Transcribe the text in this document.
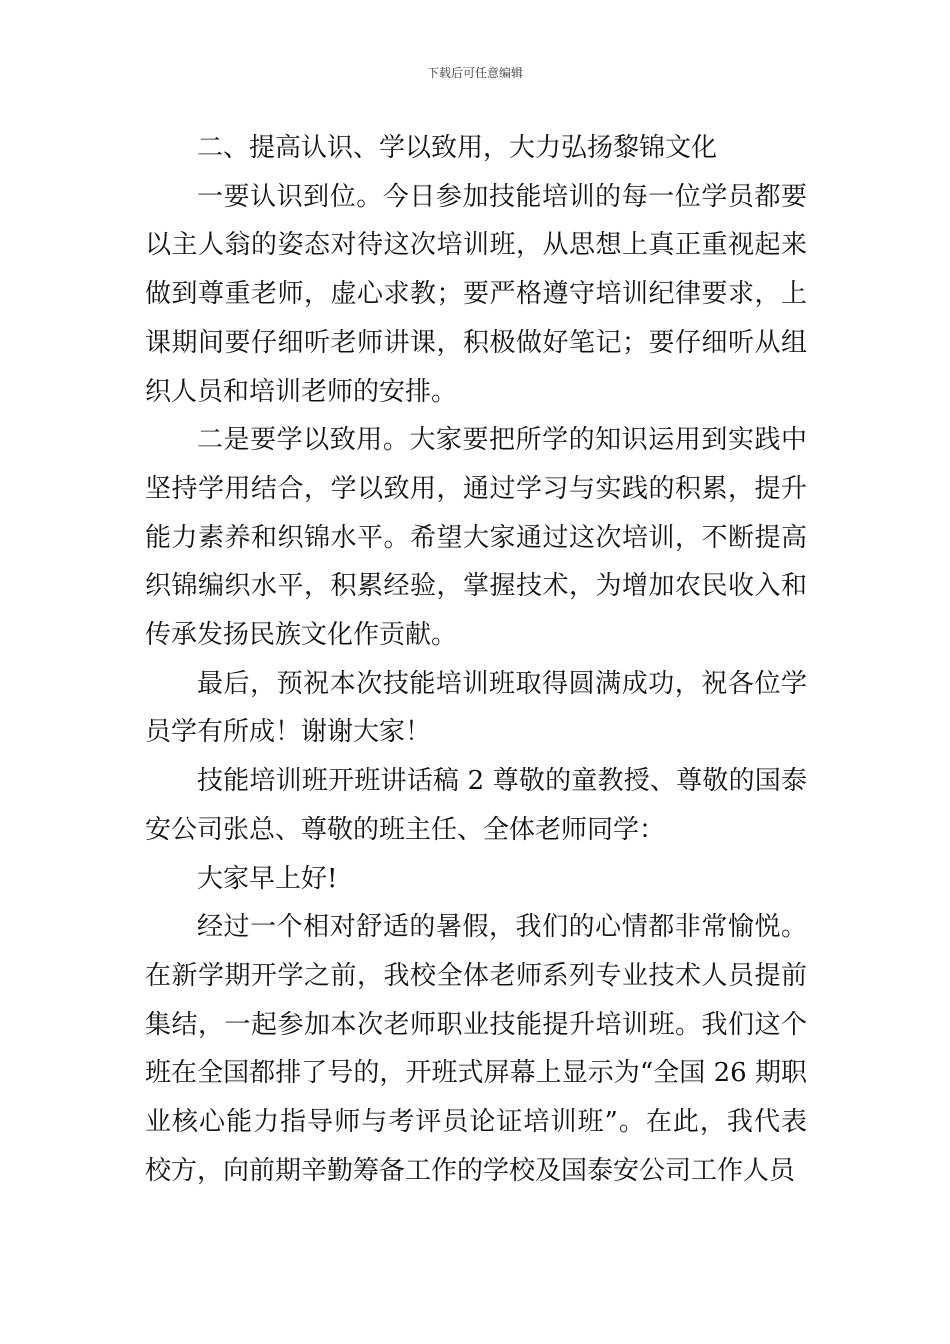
下载后可任意编辑

二、提高认识、学以致用，大力弘扬黎锦文化

一要认识到位。今日参加技能培训的每一位学员都要以主人翁的姿态对待这次培训班，从思想上真正重视起来做到尊重老师，虚心求教；要严格遵守培训纪律要求，上课期间要仔细听老师讲课，积极做好笔记；要仔细听从组织人员和培训老师的安排。

二是要学以致用。大家要把所学的知识运用到实践中坚持学用结合，学以致用，通过学习与实践的积累，提升能力素养和织锦水平。希望大家通过这次培训，不断提高织锦编织水平，积累经验，掌握技术，为增加农民收入和传承发扬民族文化作贡献。

最后，预祝本次技能培训班取得圆满成功，祝各位学员学有所成！谢谢大家！

技能培训班开班讲话稿 2 尊敬的童教授、尊敬的国泰安公司张总、尊敬的班主任、全体老师同学：

大家早上好!

经过一个相对舒适的暑假，我们的心情都非常愉悦。在新学期开学之前，我校全体老师系列专业技术人员提前集结，一起参加本次老师职业技能提升培训班。我们这个班在全国都排了号的，开班式屏幕上显示为“全国 26 期职业核心能力指导师与考评员论证培训班”。在此，我代表校方，向前期辛勤筹备工作的学校及国泰安公司工作人员
